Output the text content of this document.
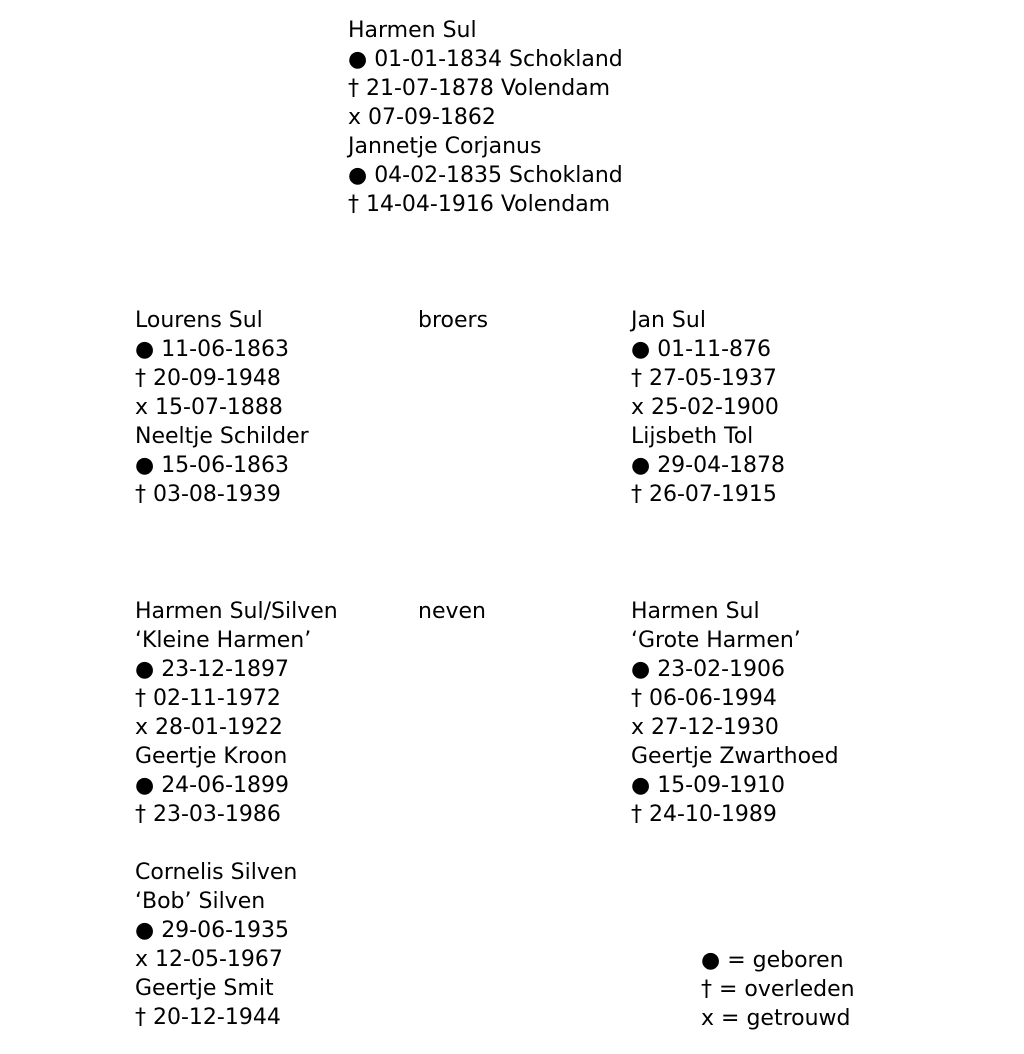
Harmen Sul
● 01-01-1834 Schokland
† 21-07-1878 Volendam
x 07-09-1862
Jannetje Corjanus
● 04-02-1835 Schokland
† 14-04-1916 Volendam
Lourens Sul
● 11-06-1863
† 20-09-1948
x 15-07-1888
Neeltje Schilder
● 15-06-1863
† 03-08-1939
broers	Jan Sul
● 01-11-876
† 27-05-1937
x 25-02-1900
Lijsbeth Tol
● 29-04-1878
† 26-07-1915
Harmen Sul/Silven
‘Kleine Harmen’
● 23-12-1897
† 02-11-1972
x 28-01-1922
Geertje Kroon
● 24-06-1899
† 23-03-1986
neven	Harmen Sul
‘Grote Harmen’
● 23-02-1906
† 06-06-1994
x 27-12-1930
Geertje Zwarthoed
● 15-09-1910
† 24-10-1989
Cornelis Silven
‘Bob’ Silven
● 29-06-1935
x 12-05-1967
Geertje Smit
† 20-12-1944
● = geboren
† = overleden
x = getrouwd
